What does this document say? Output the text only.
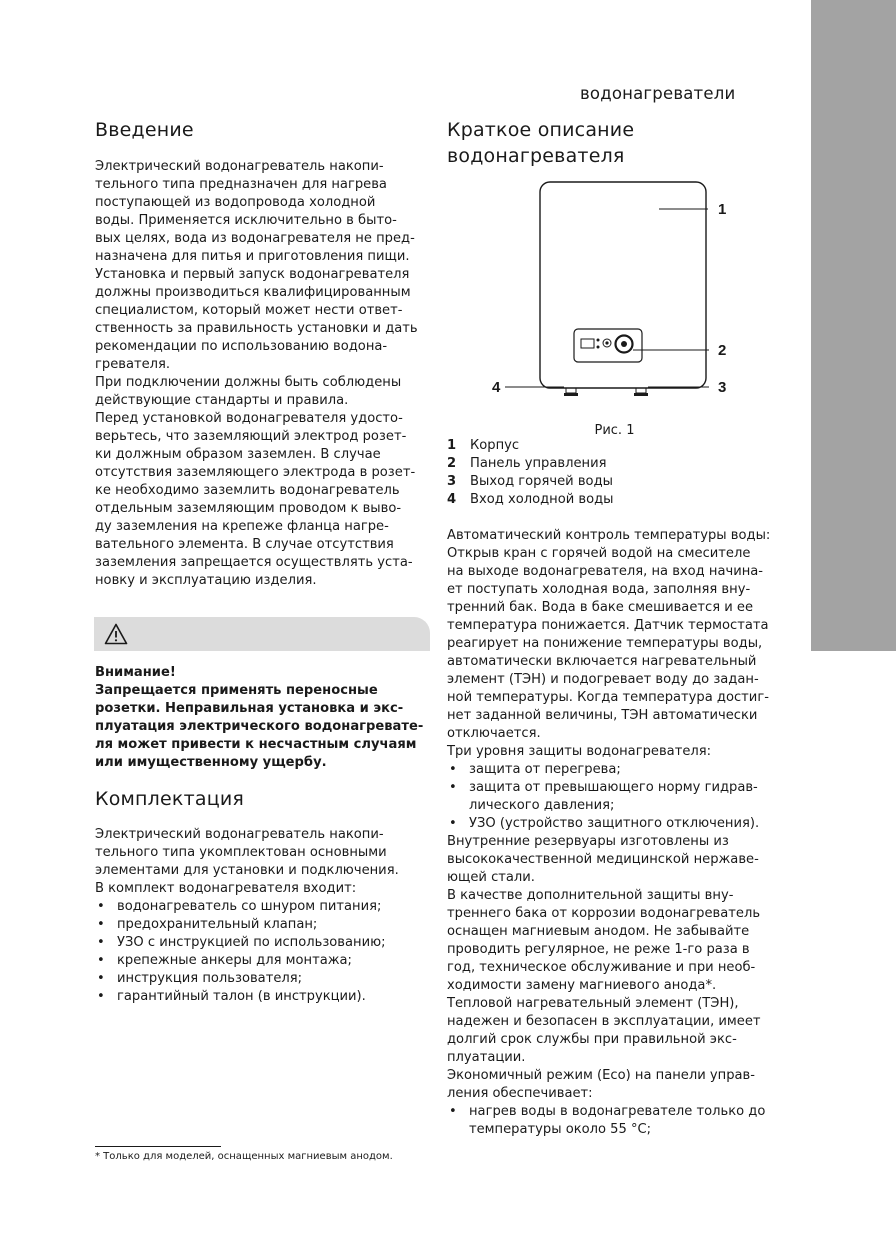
водонагреватели
Введение

Электрический водонагреватель накопи-
тельного типа предназначен для нагрева
поступающей из водопровода холодной
воды. Применяется исключительно в быто-
вых целях, вода из водонагревателя не пред-
назначена для питья и приготовления пищи.
Установка и первый запуск водонагревателя
должны производиться квалифицированным
специалистом, который может нести ответ-
ственность за правильность установки и дать
рекомендации по использованию водона-
гревателя.

При подключении должны быть соблюдены
действующие стандарты и правила.

Перед установкой водонагревателя удосто-
верьтесь, что заземляющий электрод розет-
ки должным образом заземлен. В случае
отсутствия заземляющего электрода в розет-
ке необходимо заземлить водонагреватель
отдельным заземляющим проводом к выво-
ду заземления на крепеже фланца нагре-
вательного элемента. В случае отсутствия
заземления запрещается осуществлять уста-
новку и эксплуатацию изделия.

Внимание!

Запрещается применять переносные
розетки. Неправильная установка и экс-
плуатация электрического водонагревате-
ля может привести к несчастным случаям
или имущественному ущербу.

Комплектация

Электрический водонагреватель накопи-
тельного типа укомплектован основными
элементами для установки и подключения.
В комплект водонагревателя входит:

• водонагреватель со шнуром питания;
• предохранительный клапан;
• УЗО с инструкцией по использованию;
• крепежные анкеры для монтажа;
• инструкция пользователя;
• гарантийный талон (в инструкции).
Краткое описание
водонагревателя
1
2
3
4
Рис. 1
1	Корпус
2	Панель управления
3	Выход горячей воды
4	Вход холодной воды

Автоматический контроль температуры воды:
Открыв кран с горячей водой на смесителе
на выходе водонагревателя, на вход начина-
ет поступать холодная вода, заполняя вну-
тренний бак. Вода в баке смешивается и ее
температура понижается. Датчик термостата
реагирует на понижение температуры воды,
автоматически включается нагревательный
элемент (ТЭН) и подогревает воду до задан-
ной температуры. Когда температура достиг-
нет заданной величины, ТЭН автоматически
отключается.

Три уровня защиты водонагревателя:

• защита от перегрева;
• защита от превышающего норму гидрав-
лического давления;
• УЗО (устройство защитного отключения).

Внутренние резервуары изготовлены из
высококачественной медицинской нержаве-
ющей стали.

В качестве дополнительной защиты вну-
треннего бака от коррозии водонагреватель
оснащен магниевым анодом. Не забывайте
проводить регулярное, не реже 1-го раза в
год, техническое обслуживание и при необ-
ходимости замену магниевого анода*.

Тепловой нагревательный элемент (ТЭН),
надежен и безопасен в эксплуатации, имеет
долгий срок службы при правильной экс-
плуатации.

Экономичный режим (Eco) на панели управ-
ления обеспечивает:

• нагрев воды в водонагревателе только до
температуры около 55 °C;
* Только для моделей, оснащенных магниевым анодом.
